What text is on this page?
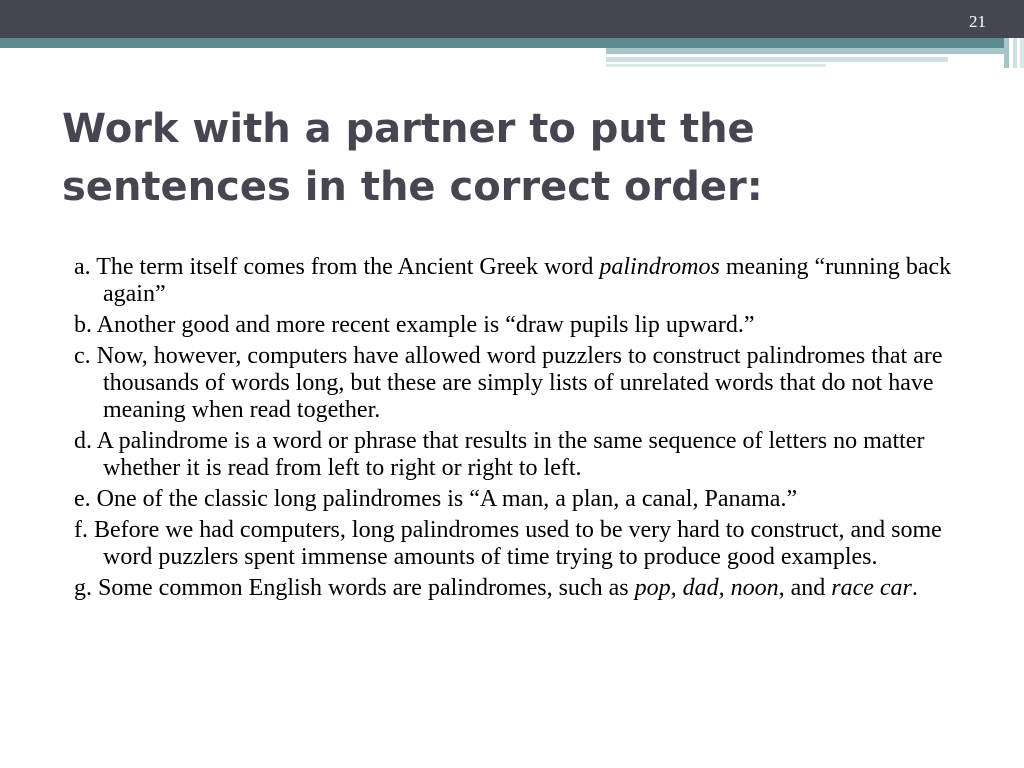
21
Work with a partner to put the
sentences in the correct order:
a. The term itself comes from the Ancient Greek word palindromos meaning “running back again”
b. Another good and more recent example is “draw pupils lip upward.”
c. Now, however, computers have allowed word puzzlers to construct palindromes that are thousands of words long, but these are simply lists of unrelated words that do not have meaning when read together.
d. A palindrome is a word or phrase that results in the same sequence of letters no matter whether it is read from left to right or right to left.
e. One of the classic long palindromes is “A man, a plan, a canal, Panama.”
f. Before we had computers, long palindromes used to be very hard to construct, and some word puzzlers spent immense amounts of time trying to produce good examples.
g. Some common English words are palindromes, such as pop, dad, noon, and race car.
